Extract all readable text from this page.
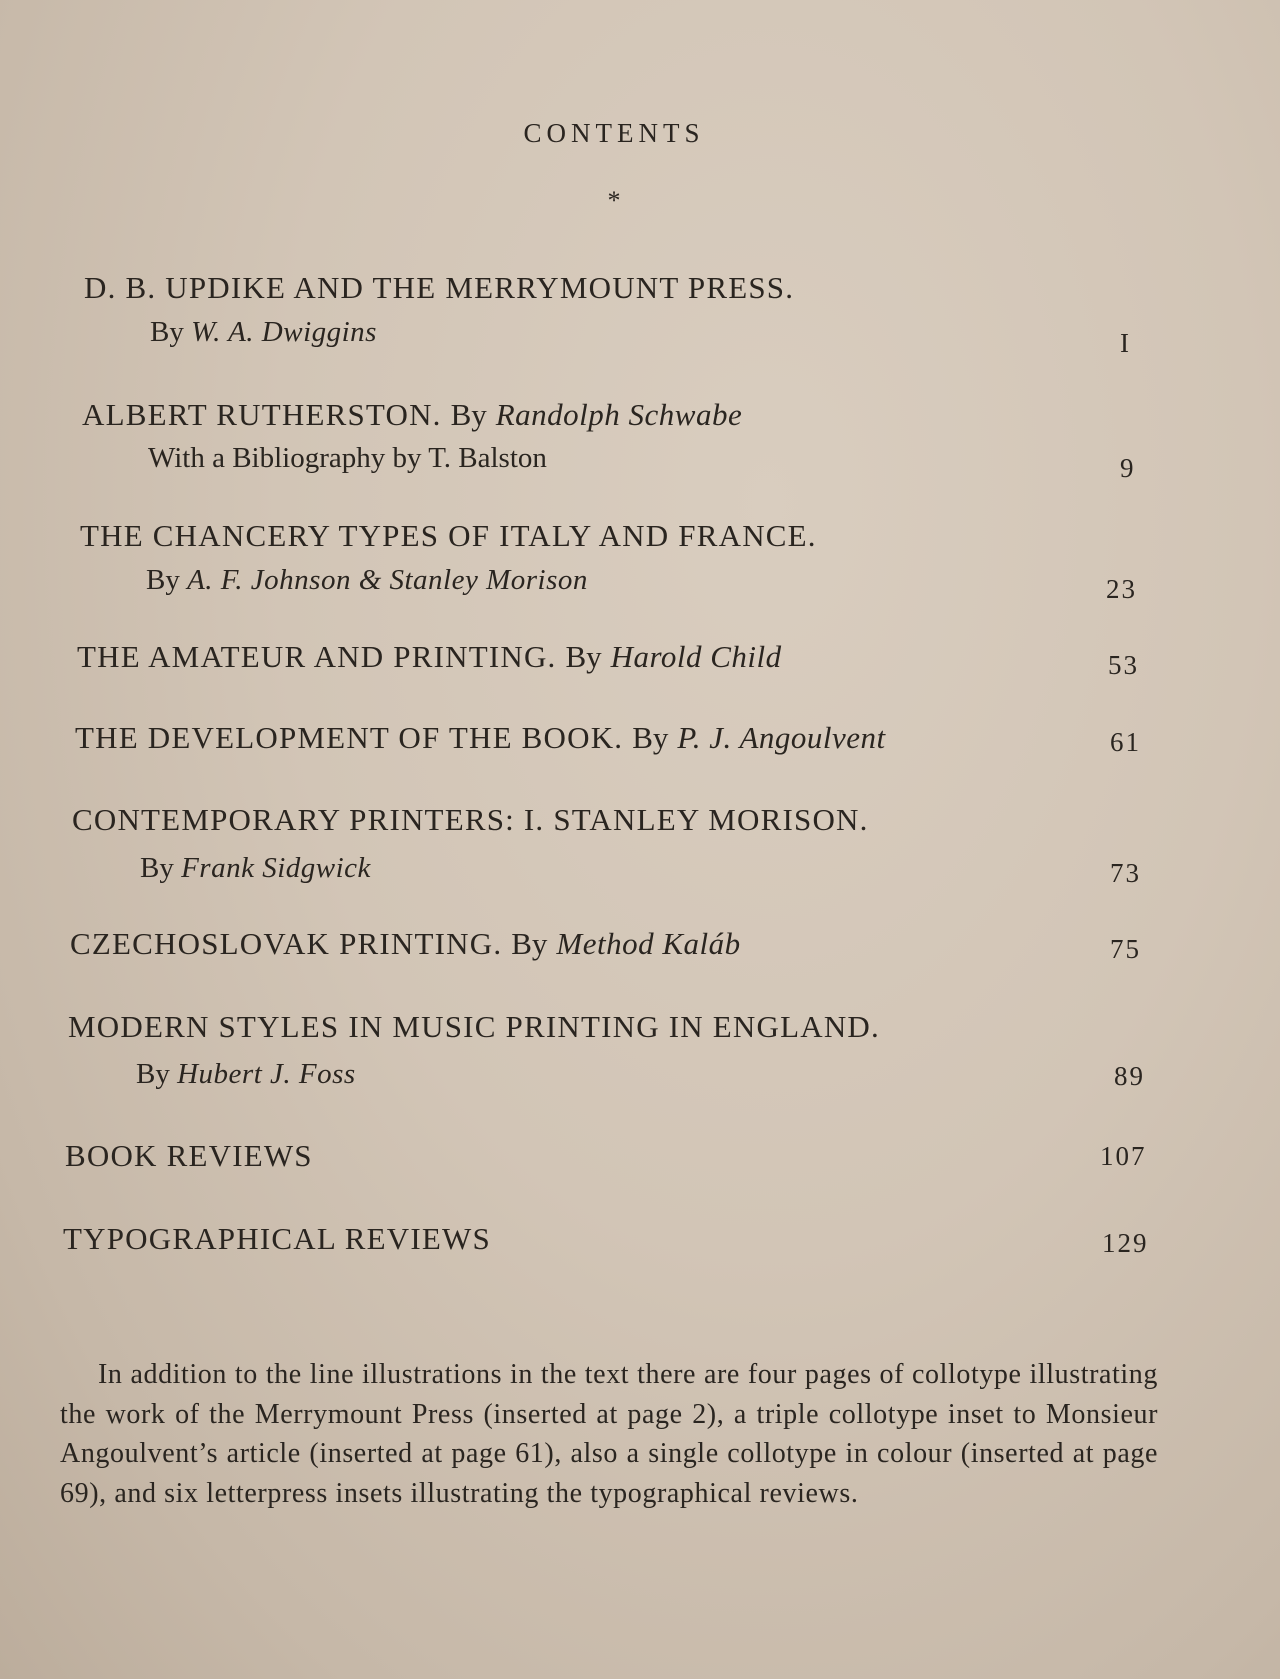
CONTENTS
*
D. B. UPDIKE AND THE MERRYMOUNT PRESS.
By W. A. Dwiggins	I
ALBERT RUTHERSTON. By Randolph Schwabe
With a Bibliography by T. Balston	9
THE CHANCERY TYPES OF ITALY AND FRANCE.
By A. F. Johnson & Stanley Morison	23
THE AMATEUR AND PRINTING. By Harold Child	53
THE DEVELOPMENT OF THE BOOK. By P. J. Angoulvent	61
CONTEMPORARY PRINTERS: I. STANLEY MORISON.
By Frank Sidgwick	73
CZECHOSLOVAK PRINTING. By Method Kaláb	75
MODERN STYLES IN MUSIC PRINTING IN ENGLAND.
By Hubert J. Foss	89
BOOK REVIEWS	107
TYPOGRAPHICAL REVIEWS	129
In addition to the line illustrations in the text there are four pages of collotype illustrating the work of the Merrymount Press (inserted at page 2), a triple collotype inset to Monsieur Angoulvent’s article (inserted at page 61), also a single collotype in colour (inserted at page 69), and six letterpress insets illustrating the typographical reviews.
